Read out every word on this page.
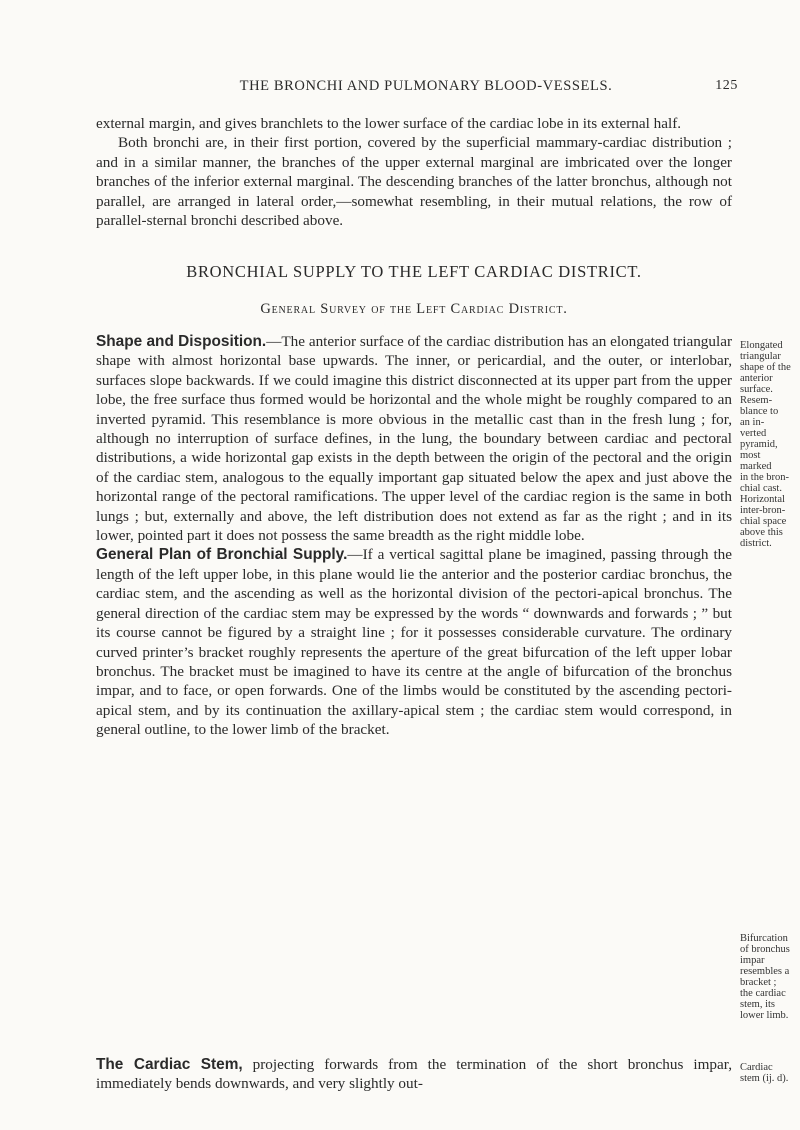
THE BRONCHI AND PULMONARY BLOOD-VESSELS.	125

external margin, and gives branchlets to the lower surface of the cardiac lobe in its external half.

Both bronchi are, in their first portion, covered by the superficial mammary-cardiac distribution ; and in a similar manner, the branches of the upper external marginal are imbricated over the longer branches of the inferior external marginal. The descending branches of the latter bronchus, although not parallel, are arranged in lateral order,—somewhat resembling, in their mutual relations, the row of parallel-sternal bronchi described above.

BRONCHIAL SUPPLY TO THE LEFT CARDIAC DISTRICT.

General Survey of the Left Cardiac District.

Shape and Disposition.—The anterior surface of the cardiac distribution has an elongated triangular shape with almost horizontal base upwards. The inner, or pericardial, and the outer, or interlobar, surfaces slope backwards. If we could imagine this district disconnected at its upper part from the upper lobe, the free surface thus formed would be horizontal and the whole might be roughly compared to an inverted pyramid. This resemblance is more obvious in the metallic cast than in the fresh lung ; for, although no interruption of surface defines, in the lung, the boundary between cardiac and pectoral distributions, a wide horizontal gap exists in the depth between the origin of the pectoral and the origin of the cardiac stem, analogous to the equally important gap situated below the apex and just above the horizontal range of the pectoral ramifications. The upper level of the cardiac region is the same in both lungs ; but, externally and above, the left distribution does not extend as far as the right ; and in its lower, pointed part it does not possess the same breadth as the right middle lobe.

General Plan of Bronchial Supply.—If a vertical sagittal plane be imagined, passing through the length of the left upper lobe, in this plane would lie the anterior and the posterior cardiac bronchus, the cardiac stem, and the ascending as well as the horizontal division of the pectori-apical bronchus. The general direction of the cardiac stem may be expressed by the words “ downwards and forwards ; ” but its course cannot be figured by a straight line ; for it possesses considerable curvature. The ordinary curved printer’s bracket roughly represents the aperture of the great bifurcation of the left upper lobar bronchus. The bracket must be imagined to have its centre at the angle of bifurcation of the bronchus impar, and to face, or open forwards. One of the limbs would be constituted by the ascending pectori-apical stem, and by its continuation the axillary-apical stem ; the cardiac stem would correspond, in general outline, to the lower limb of the bracket.

The Cardiac Stem, projecting forwards from the termination of the short bronchus impar, immediately bends downwards, and very slightly out-

Elongated
triangular
shape of the
anterior
surface.
Resem-
blance to
an in-
verted
pyramid,
most
marked
in the bron-
chial cast.
Horizontal
inter-bron-
chial space
above this
district.
Bifurcation
of bronchus
impar
resembles a
bracket ;
the cardiac
stem, its
lower limb.
Cardiac
stem (ij. d).
